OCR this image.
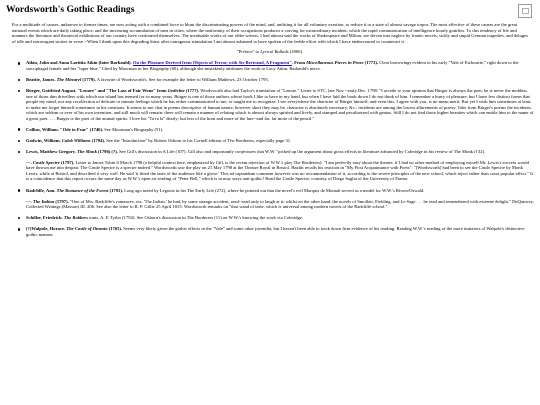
Wordsworth's Gothic Readings

For a multitude of causes, unknown to former times, are now acting with a combined force to blunt the discriminating powers of the mind, and, unfitting it for all voluntary exertion, to reduce it to a state of almost savage torpor. The most effective of these causes are the great national events which are daily taking place, and the increasing accumulation of men in cities, where the uniformity of their occupations produces a craving for extraordinary incident, which the rapid communication of intelligence hourly gratifies. To this tendency of life and manners the literature and theatrical exhibitions of our country have conformed themselves. The invaluable works of our elder writers, I had almost said the works of Shakespeare and Milton, are driven into neglect by frantic novels, sickly and stupid German tragedies, and deluges of idle and extravagant stories in verse.--When I think upon this degrading thirst after outrageous stimulation I am almost ashamed to have spoken of the feeble effort with which I have endeavoured to counteract it . .

"Preface" to Lyrical Ballads (1800).

Aikin, John and Anna Laetitia Aikin (later Barbauld). On the Pleasure Derived from Objects of Terror, with Sir Bertrand, A Fragment". From Miscellaneous Pieces in Prose (1773). Clear borrowings evident in his early "Vale of Esthwaite," right down to the sarcophagal female and her "taper blue." Cited by Moorman in her Biography (60), although she mistakenly attributes the work to Lucy Aikin, Barbauld's niece.
Beattie, James. The Minstrel (1779). A favorite of Wordsworth's. See for example the letter to William Mathews, 23 October 1795.
Bürger, Gottfried August. "Lenore" and "The Lass of Fair Wone" from Gedichte (1777). Wordsworth also had Taylor's translation of "Lenore." Letter to STC, late Nov.--early Dec. 1798: "I accede to your opinion that Bürger is always the poet; he is never the mobbist, one of those dim drivellers with which our island has teemed for so many years. Bürger is one of those authors whose book I like to have in my hand, but when I have laid the book down I do not think of him. I remember a hurry of pleasure, but I have few distinct forms that people my mind, nor any recollection of delicate or minute feelings which he has either communicated to me, or taught me to recognize. I see everywhere the character of Bürger himself; and even this, I agree with you, is no mean merit. But yet I wish him sometimes at least to make me forget himself sometimes in his creations. It seems to me, that in poems descriptive of human nature, however short they may be, character is absolutely necessary, &c.: incidents are among the lowest allurements of poetry. Take from Bürger's poems the incidents, which are seldom or ever of his own invention, and still much will remain: there will remain a manner of relating which is almost always spirited and lively, and stamped and peculiarized with genius. Still I do not find those higher beauties which can entitle him to the name of a great poet. . . . Burger is the poet of the animal spirits. I love his "Ta ra la" dearly; but less of the horn and more of the lute--and far, far more of the pencil."
Collins, William. "Ode to Fear" (1746). See Moorman's Biography (51).
Godwin, William. Caleb Williams (1794). See the "Introduction" by Robert Osborn to his Cornell edition of The Borderers, especially page 31.
Lewis, Matthew Gregory. The Monk (1796) (?). See Gill's discussion in A Life (107). Gill also and importantly conjectures that W.W. "picked up the argument about gross effects in literature advanced by Coleridge in his review of The Monk (132).
---. Castle Spectre (1797). Letter to James Tobin 6 March 1798 (a helpful context here, emphasized by Gill, is the recent rejection of W.W.'s play The Borderers): "I am perfectly easy about the theatre, if I had no other method of employing myself Mr. Lewis's success would have thrown me into despair. The Castle Spectre is a spectre indeed." Wordsworth saw the play on 21 May 1798 at the Theatre Royal in Bristol. Hazlitt recalls his reaction in "My First Acquaintance with Poets": "[Wordsworth] had been to see the Castle Spectre by Monk Lewis, while at Bristol, and described it very well. He said 'it fitted the taste of the audience like a glove.' This ad captandum comment however was no recommendation of it, according to the severe principles of the new school, which reject rather than court popular effect." It is a coincidence that this report occurs the same day as W.W.'s open air reading of "Peter Bell," which is in may ways anti-gothic! Read the Castle Spectre, courtesy of Diego Saglia of the University of Parma.
Radcliffe, Ann. The Romance of the Forest (1791). Long ago noted by Legouis in his The Early Life (272), where he pointed out that the novel's evil Marquis de Montalt served as a model for W.W.'s Rivers/Oswald.
---. The Italian (1797). "One of Mrs. Radcliffe's romances, viz. 'The Italian,' he had, by some strange accident, read--read only to laugh at it; whilst on the other hand, the novels of Smollett, Fielding, and Le Sage . . . he read and remembered with extreme delight." DeQuincey, Collected Writings (Masson) III. 206. See also the letter to R. P. Gillie 25 April 1815: Wordsworth remarks on "that wand of taste, which is universal among modern novels of the Radcliffe school."
Schiller, Friedrich. The Robbers trans. A. F. Tytler (1792). See Osborn's discussion in The Borderers (11) on W.W.'s knowing the work via Coleridge.
(?)Walpole, Horace. The Castle of Otranto (1765). Seems very likely given the gothic effects in the "Vale" and some other juvenilia, but I haven't been able to track down firm evidence of his reading. Reading W.W.'s reading of the more imitators of Walpole's distinctive gothic manner.
